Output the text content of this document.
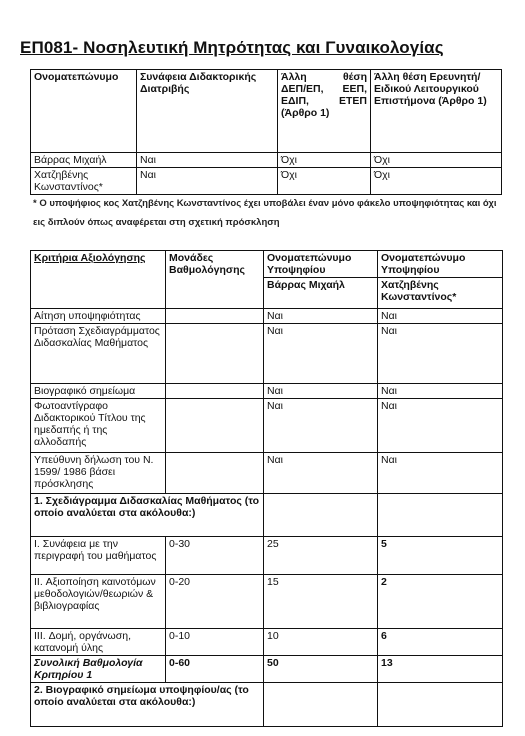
ΕΠ081- Νοσηλευτική Μητρότητας και Γυναικολογίας
Ονοματεπώνυμο	Συνάφεια Διδακτορικής Διατριβής	Άλλη θέση
ΔΕΠ/ΕΠ, ΕΕΠ,
ΕΔΙΠ, ΕΤΕΠ
(Άρθρο 1)	Άλλη θέση Ερευνητή/ Ειδικού Λειτουργικού Επιστήμονα (Άρθρο 1)
Βάρρας Μιχαήλ	Ναι	Όχι	Όχι
Χατζηβένης Κωνσταντίνος*	Ναι	Όχι	Όχι
* Ο υποψήφιος κος Χατζηβένης Κωνσταντίνος έχει υποβάλει έναν μόνο φάκελο υποψηφιότητας και όχι εις διπλούν όπως αναφέρεται στη σχετική πρόσκληση
Κριτήρια Αξιολόγησης	Μονάδες Βαθμολόγησης	Ονοματεπώνυμο Υποψηφίου	Ονοματεπώνυμο Υποψηφίου
		Βάρρας Μιχαήλ	Χατζηβένης Κωνσταντίνος*
Αίτηση υποψηφιότητας		Ναι	Ναι
Πρόταση Σχεδιαγράμματος Διδασκαλίας Μαθήματος		Ναι	Ναι
Βιογραφικό σημείωμα		Ναι	Ναι
Φωτοαντίγραφο Διδακτορικού Τίτλου της ημεδαπής ή της αλλοδαπής		Ναι	Ναι
Υπεύθυνη δήλωση του Ν. 1599/ 1986 βάσει πρόσκλησης		Ναι	Ναι
1. Σχεδιάγραμμα Διδασκαλίας Μαθήματος (το οποίο αναλύεται στα ακόλουθα:)			
I. Συνάφεια με την περιγραφή του μαθήματος	0-30	25	5
II. Αξιοποίηση καινοτόμων μεθοδολογιών/θεωριών & βιβλιογραφίας	0-20	15	2
III. Δομή, οργάνωση, κατανομή ύλης	0-10	10	6
Συνολική Βαθμολογία Κριτηρίου 1	0-60	50	13
2. Βιογραφικό σημείωμα υποψηφίου/ας (το οποίο αναλύεται στα ακόλουθα:)			
